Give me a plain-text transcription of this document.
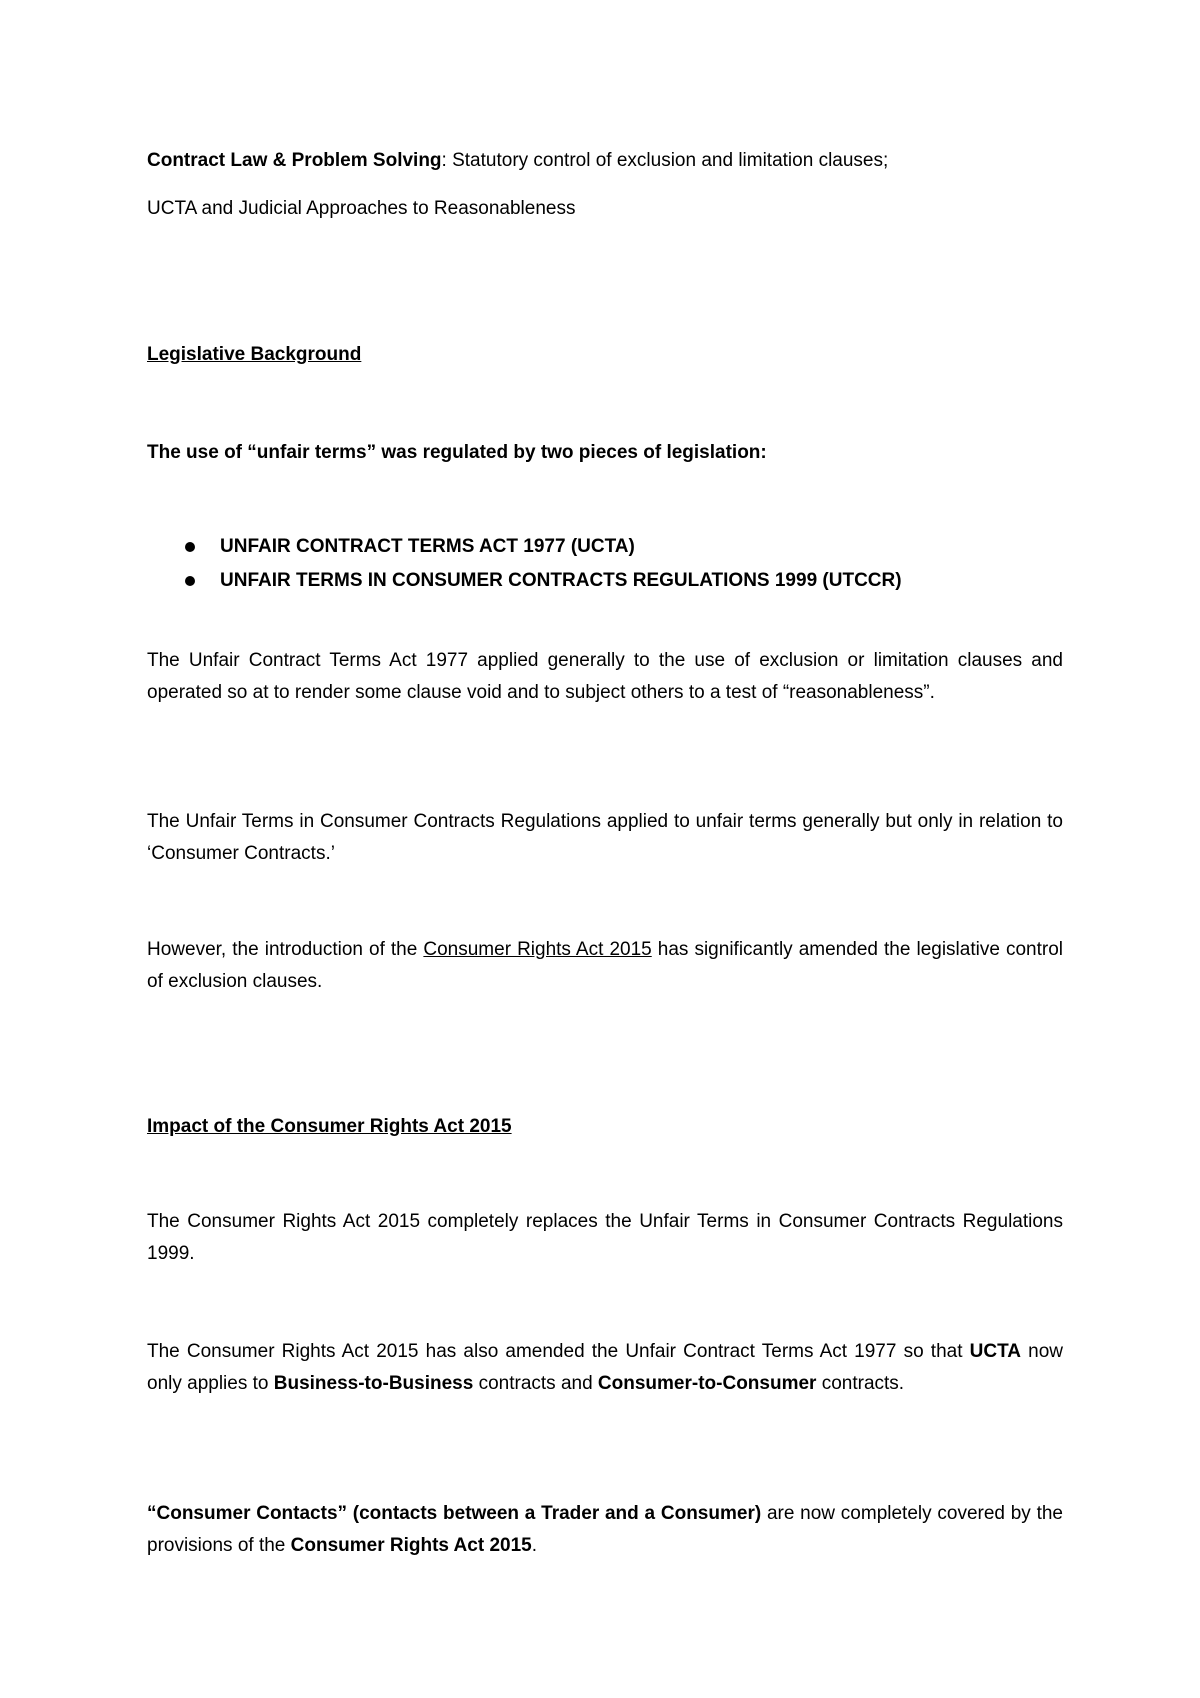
Contract Law & Problem Solving: Statutory control of exclusion and limitation clauses;
UCTA and Judicial Approaches to Reasonableness
Legislative Background
The use of “unfair terms” was regulated by two pieces of legislation:
UNFAIR CONTRACT TERMS ACT 1977 (UCTA)
UNFAIR TERMS IN CONSUMER CONTRACTS REGULATIONS 1999 (UTCCR)
The Unfair Contract Terms Act 1977 applied generally to the use of exclusion or limitation clauses and operated so at to render some clause void and to subject others to a test of “reasonableness”.
The Unfair Terms in Consumer Contracts Regulations applied to unfair terms generally but only in relation to ‘Consumer Contracts.’
However, the introduction of the Consumer Rights Act 2015 has significantly amended the legislative control of exclusion clauses.
Impact of the Consumer Rights Act 2015
The Consumer Rights Act 2015 completely replaces the Unfair Terms in Consumer Contracts Regulations 1999.
The Consumer Rights Act 2015 has also amended the Unfair Contract Terms Act 1977 so that UCTA now only applies to Business-to-Business contracts and Consumer-to-Consumer contracts.
“Consumer Contacts” (contacts between a Trader and a Consumer) are now completely covered by the provisions of the Consumer Rights Act 2015.
